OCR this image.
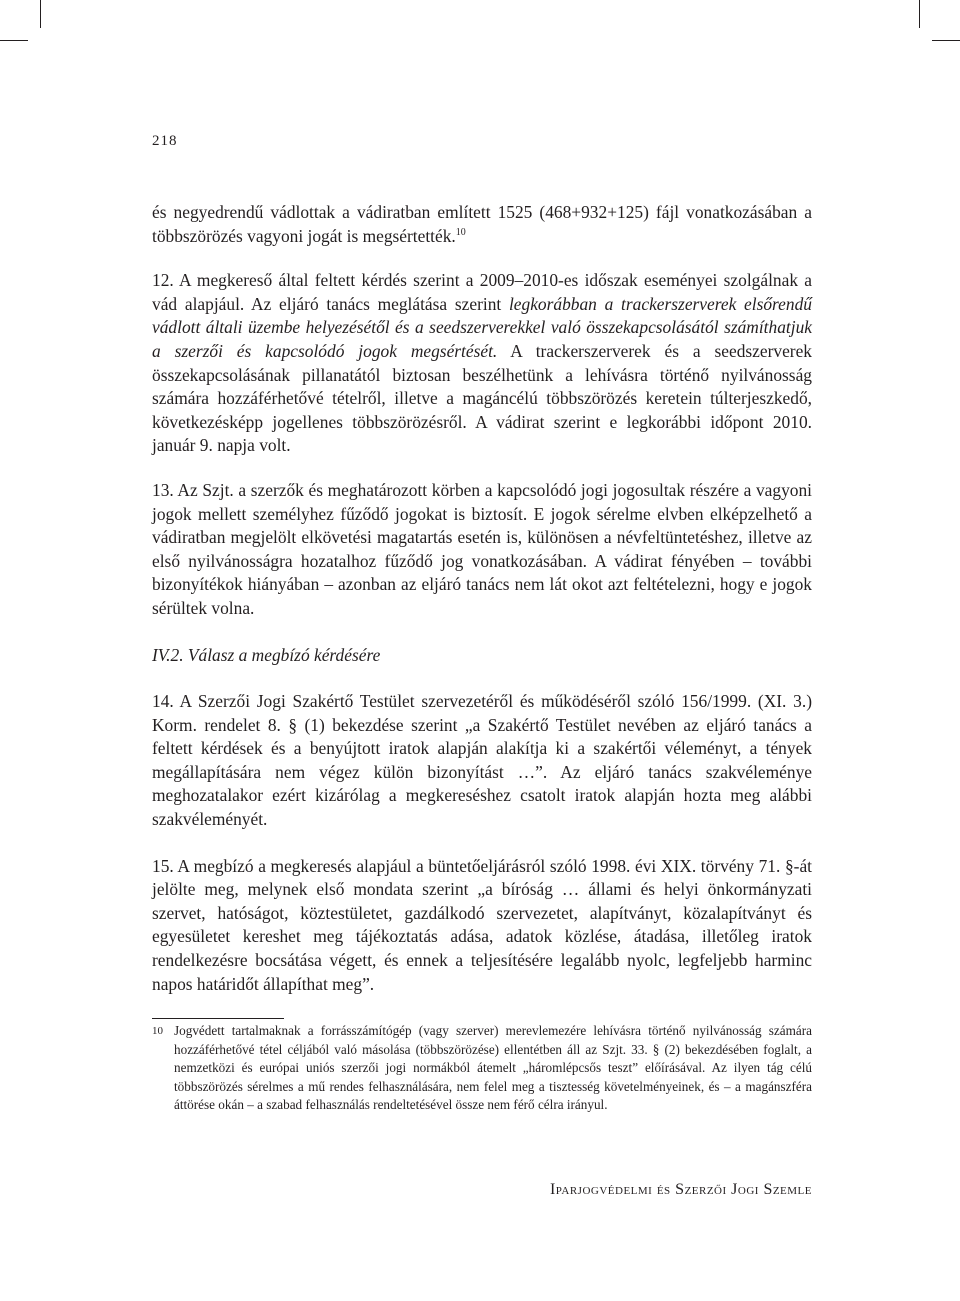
218

és negyedrendű vádlottak a vádiratban említett 1525 (468+932+125) fájl vonatkozásában a többszörözés vagyoni jogát is megsértették.$^{10}$

12. A megkereső által feltett kérdés szerint a 2009–2010-es időszak eseményei szolgálnak a vád alapjául. Az eljáró tanács meglátása szerint legkorábban a trackerszerverek elsőrendű vádlott általi üzembe helyezésétől és a seedszerverekkel való összekapcsolásától számíthatjuk a szerzői és kapcsolódó jogok megsértését. A trackerszerverek és a seedszerverek összekapcsolásának pillanatától biztosan beszélhetünk a lehívásra történő nyilvánosság számára hozzáférhetővé tételről, illetve a magáncélú többszörözés keretein túlterjeszkedő, következésképp jogellenes többszörözésről. A vádirat szerint e legkorábbi időpont 2010. január 9. napja volt.

13. Az Szjt. a szerzők és meghatározott körben a kapcsolódó jogi jogosultak részére a vagyoni jogok mellett személyhez fűződő jogokat is biztosít. E jogok sérelme elvben elképzelhető a vádiratban megjelölt elkövetési magatartás esetén is, különösen a névfeltüntetéshez, illetve az első nyilvánosságra hozatalhoz fűződő jog vonatkozásában. A vádirat fényében – további bizonyítékok hiányában – azonban az eljáró tanács nem lát okot azt feltételezni, hogy e jogok sérültek volna.

IV.2. Válasz a megbízó kérdésére

14. A Szerzői Jogi Szakértő Testület szervezetéről és működéséről szóló 156/1999. (XI. 3.) Korm. rendelet 8. § (1) bekezdése szerint „a Szakértő Testület nevében az eljáró tanács a feltett kérdések és a benyújtott iratok alapján alakítja ki a szakértői véleményt, a tények megállapítására nem végez külön bizonyítást …”. Az eljáró tanács szakvéleménye meghozatalakor ezért kizárólag a megkereséshez csatolt iratok alapján hozta meg alábbi szakvéleményét.

15. A megbízó a megkeresés alapjául a büntetőeljárásról szóló 1998. évi XIX. törvény 71. §-át jelölte meg, melynek első mondata szerint „a bíróság … állami és helyi önkormányzati szervet, hatóságot, köztestületet, gazdálkodó szervezetet, alapítványt, közalapítványt és egyesületet kereshet meg tájékoztatás adása, adatok közlése, átadása, illetőleg iratok rendelkezésre bocsátása végett, és ennek a teljesítésére legalább nyolc, legfeljebb harminc napos határidőt állapíthat meg”.

10 Jogvédett tartalmaknak a forrásszámítógép (vagy szerver) merevlemezére lehívásra történő nyilvánosság számára hozzáférhetővé tétel céljából való másolása (többszörözése) ellentétben áll az Szjt. 33. § (2) bekezdésében foglalt, a nemzetközi és európai uniós szerzői jogi normákból átemelt „háromlépcsős teszt” előírásával. Az ilyen tág célú többszörözés sérelmes a mű rendes felhasználására, nem felel meg a tisztesség követelményeinek, és – a magánszféra áttörése okán – a szabad felhasználás rendeltetésével össze nem férő célra irányul.
Iparjogvédelmi és Szerzői Jogi Szemle
